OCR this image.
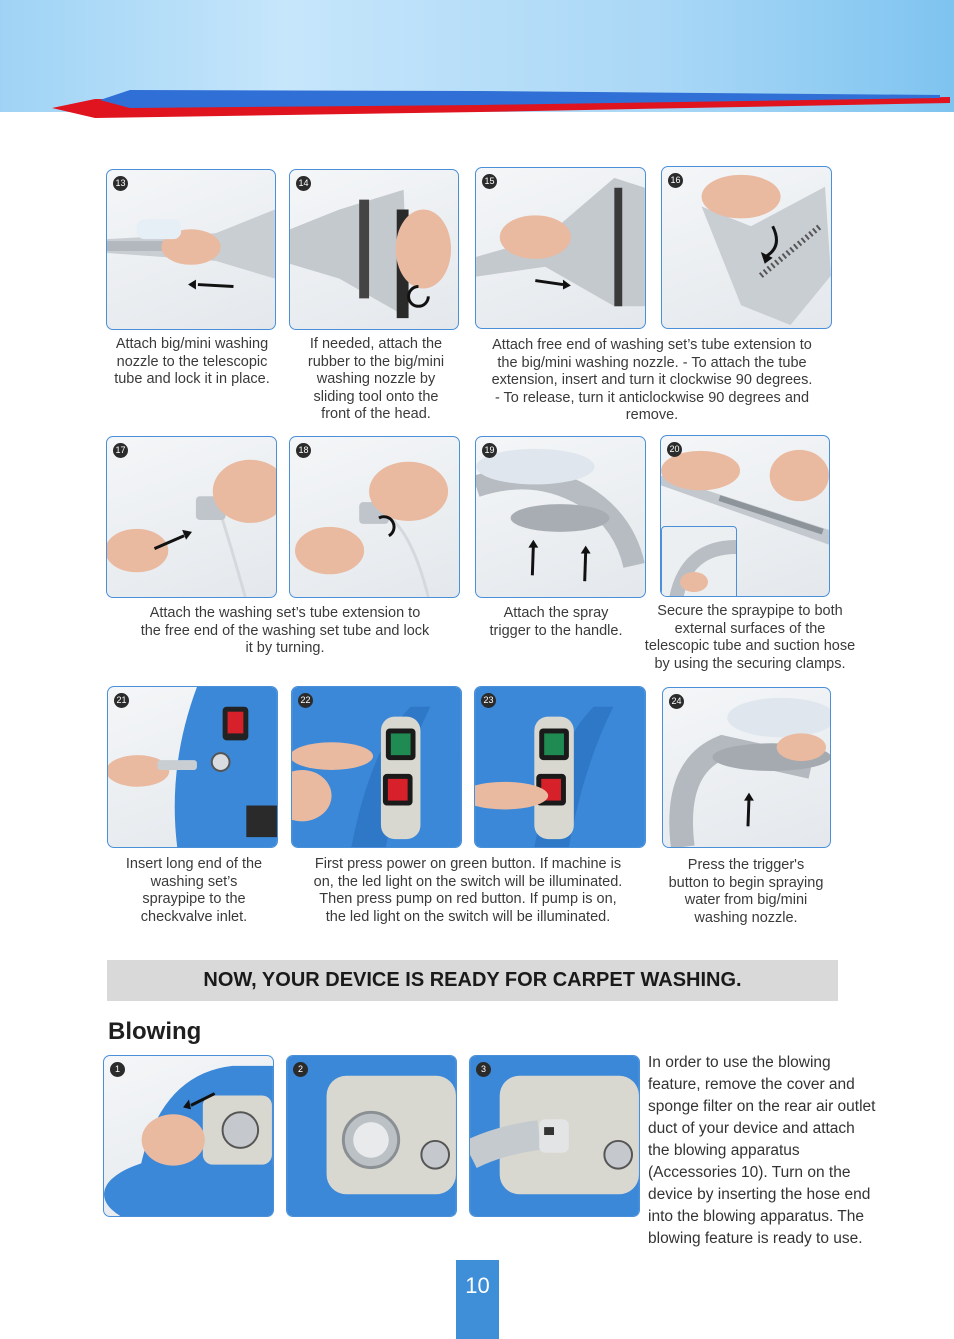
13
Attach big/mini washing
nozzle to the telescopic
tube and lock it in place.
14
If needed, attach the
rubber to the big/mini
washing nozzle by
sliding tool onto the
front of the head.
15	16
Attach free end of washing set’s tube extension to
the big/mini washing nozzle. - To attach the tube
extension, insert and turn it clockwise 90 degrees.
- To release, turn it anticlockwise 90 degrees and
remove.
17	18
Attach the washing set’s tube extension to
the free end of the washing set tube and lock
it by turning.
19
Attach the spray
trigger to the handle.
20
Secure the spraypipe to both
external surfaces of the
telescopic tube and suction hose
by using the securing clamps.
21
Insert long end of the
washing set’s
spraypipe to the
checkvalve inlet.
22	23
First press power on green button. If machine is
on, the led light on the switch will be illuminated.
Then press pump on red button. If pump is on,
the led light on the switch will be illuminated.
24
Press the trigger's
button to begin spraying
water from big/mini
washing nozzle.
NOW, YOUR DEVICE IS READY FOR CARPET WASHING.
Blowing
1	2	3	In order to use the blowing feature, remove the cover and sponge filter on the rear air outlet duct of your device and attach the blowing apparatus (Accessories 10). Turn on the device by inserting the hose end into the blowing apparatus. The blowing feature is ready to use.
10
